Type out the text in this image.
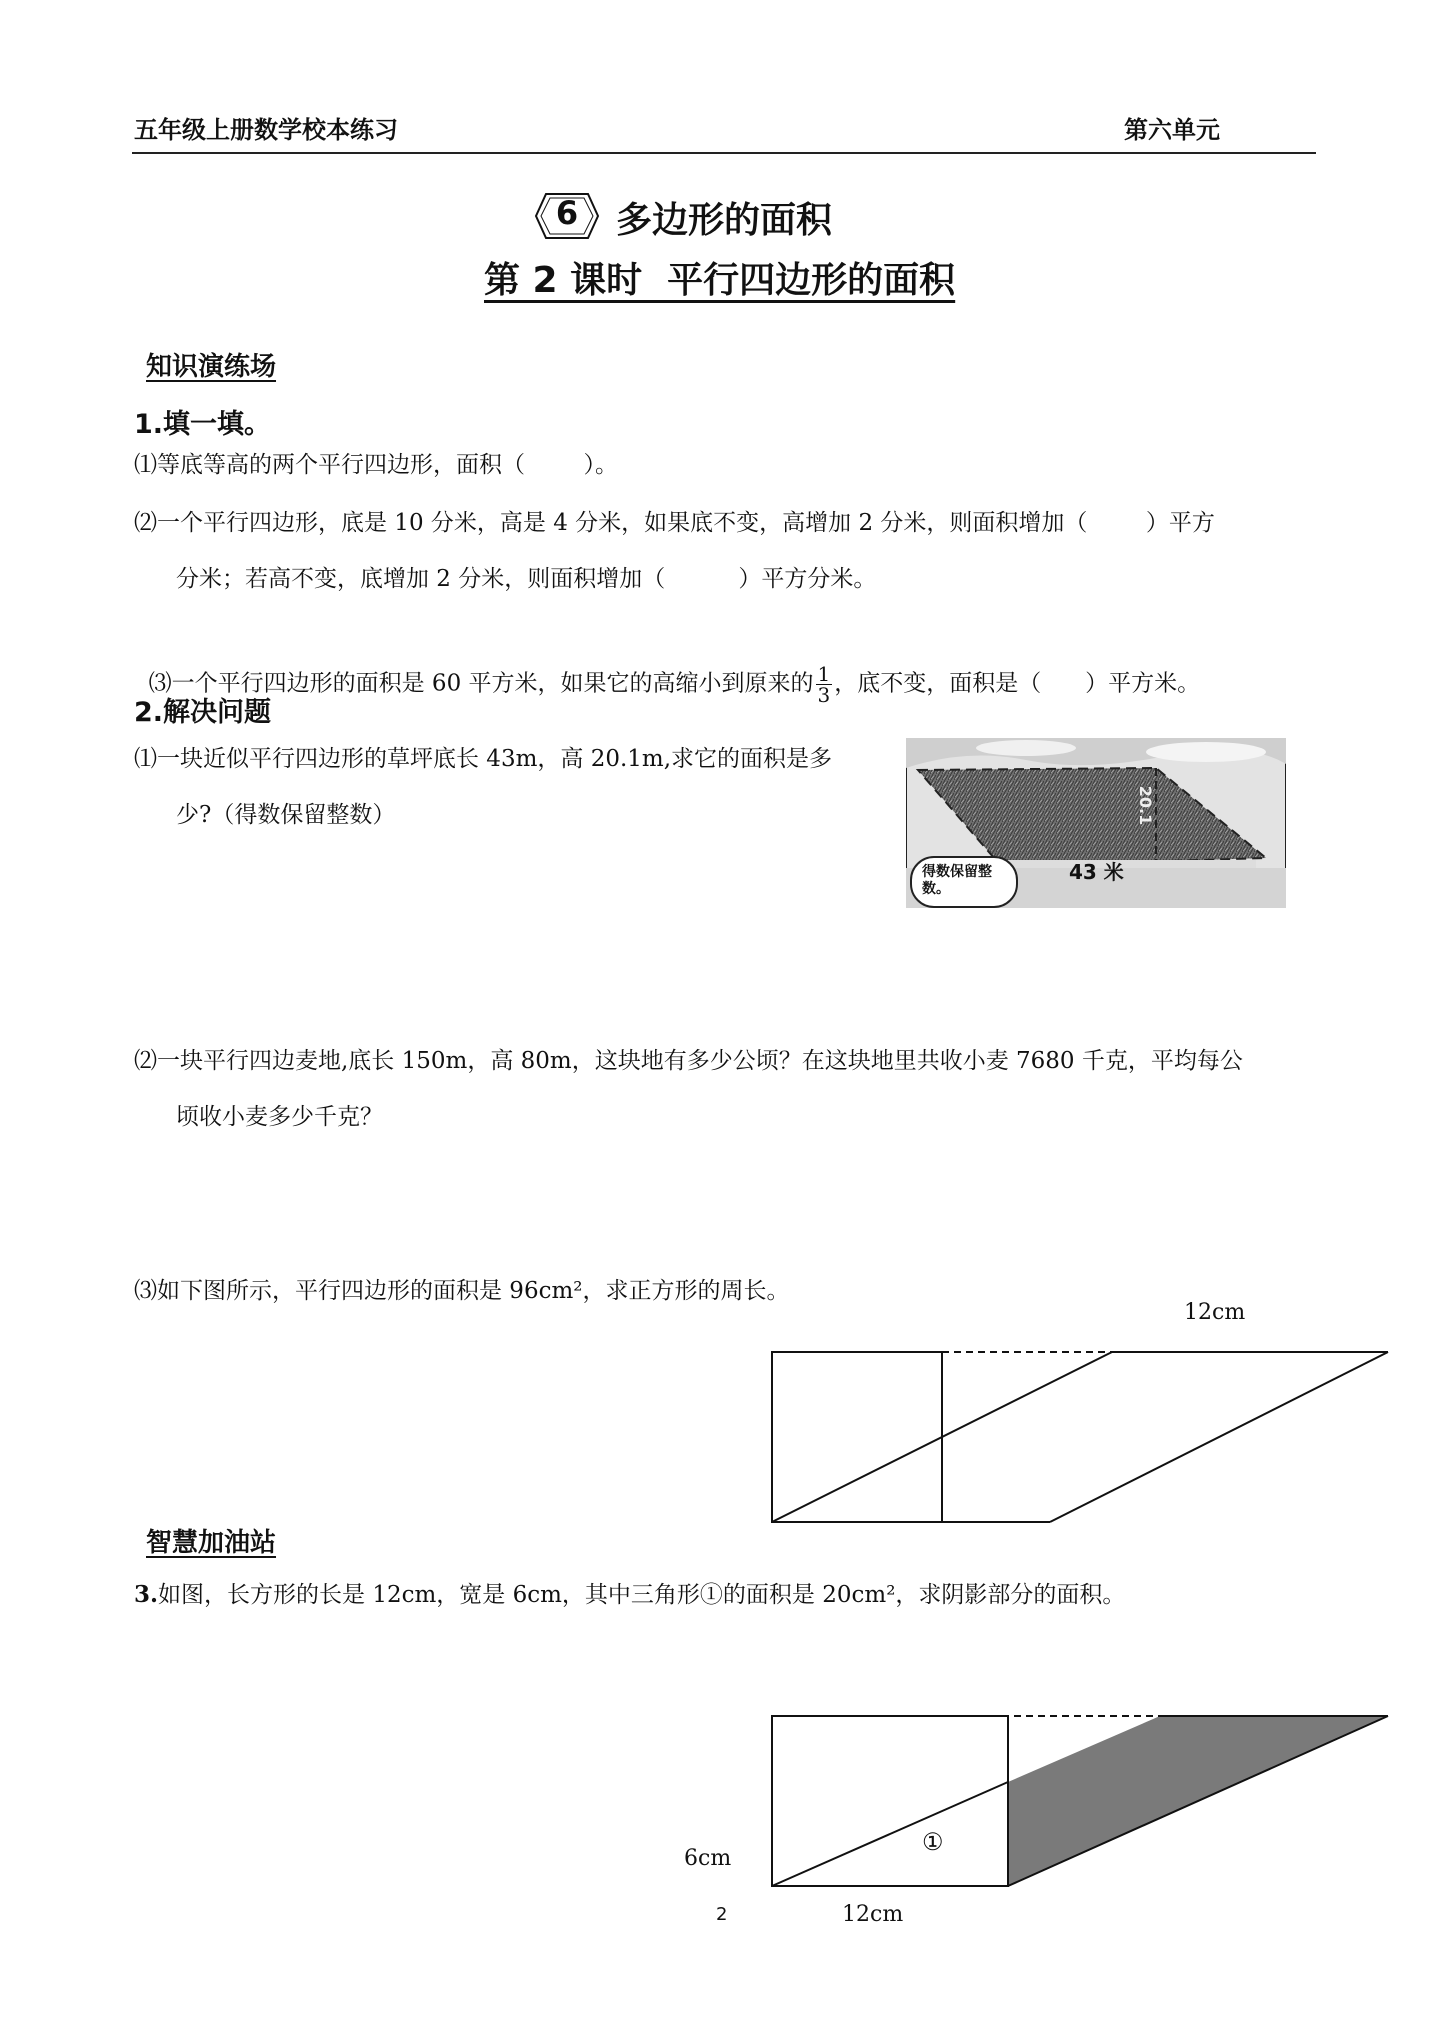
五年级上册数学校本练习	第六单元
6	多边形的面积
第 2 课时  平行四边形的面积
知识演练场
1.填一填。
⑴等底等高的两个平行四边形，面积（        ）。
⑵一个平行四边形，底是 10 分米，高是 4 分米，如果底不变，高增加 2 分米，则面积增加（        ）平方
分米；若高不变，底增加 2 分米，则面积增加（          ）平方分米。

⑶一个平行四边形的面积是 60 平方米，如果它的高缩小到原来的 $\frac{1}{3}$ ，底不变，面积是（      ）平方米。

2.解决问题
⑴一块近似平行四边形的草坪底长 43m，高 20.1m,求它的面积是多
少?（得数保留整数）
43 米
20.1
得数保留整数。
⑵一块平行四边麦地,底长 150m，高 80m，这块地有多少公顷？在这块地里共收小麦 7680 千克，平均每公
顷收小麦多少千克？
⑶如下图所示，平行四边形的面积是 96cm²，求正方形的周长。
12cm
智慧加油站
3.如图，长方形的长是 12cm，宽是 6cm，其中三角形①的面积是 20cm²，求阴影部分的面积。
①
6cm
12cm
2
